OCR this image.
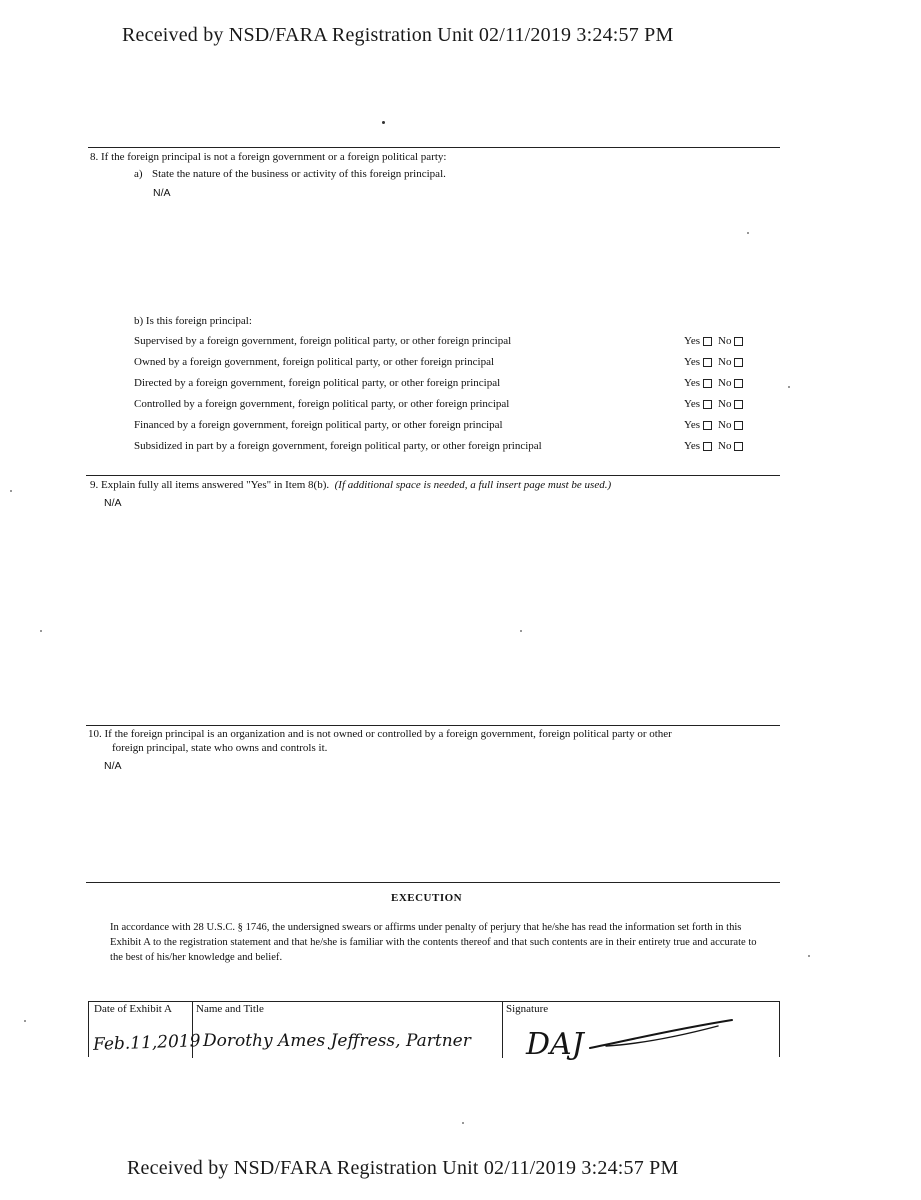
Received by NSD/FARA Registration Unit 02/11/2019 3:24:57 PM
8. If the foreign principal is not a foreign government or a foreign political party:
a) State the nature of the business or activity of this foreign principal.
N/A
b) Is this foreign principal:
Supervised by a foreign government, foreign political party, or other foreign principal	Yes No
Owned by a foreign government, foreign political party, or other foreign principal	Yes No
Directed by a foreign government, foreign political party, or other foreign principal	Yes No
Controlled by a foreign government, foreign political party, or other foreign principal	Yes No
Financed by a foreign government, foreign political party, or other foreign principal	Yes No
Subsidized in part by a foreign government, foreign political party, or other foreign principal	Yes No
9. Explain fully all items answered "Yes" in Item 8(b). (If additional space is needed, a full insert page must be used.)
N/A
10. If the foreign principal is an organization and is not owned or controlled by a foreign government, foreign political party or other
foreign principal, state who owns and controls it.
N/A
EXECUTION
In accordance with 28 U.S.C. § 1746, the undersigned swears or affirms under penalty of perjury that he/she has read the information set forth in this Exhibit A to the registration statement and that he/she is familiar with the contents thereof and that such contents are in their entirety true and accurate to the best of his/her knowledge and belief.
Date of Exhibit A Name and Title	Signature
Feb.11,2019 Dorothy Ames Jeffress, Partner DAJ
Received by NSD/FARA Registration Unit 02/11/2019 3:24:57 PM
